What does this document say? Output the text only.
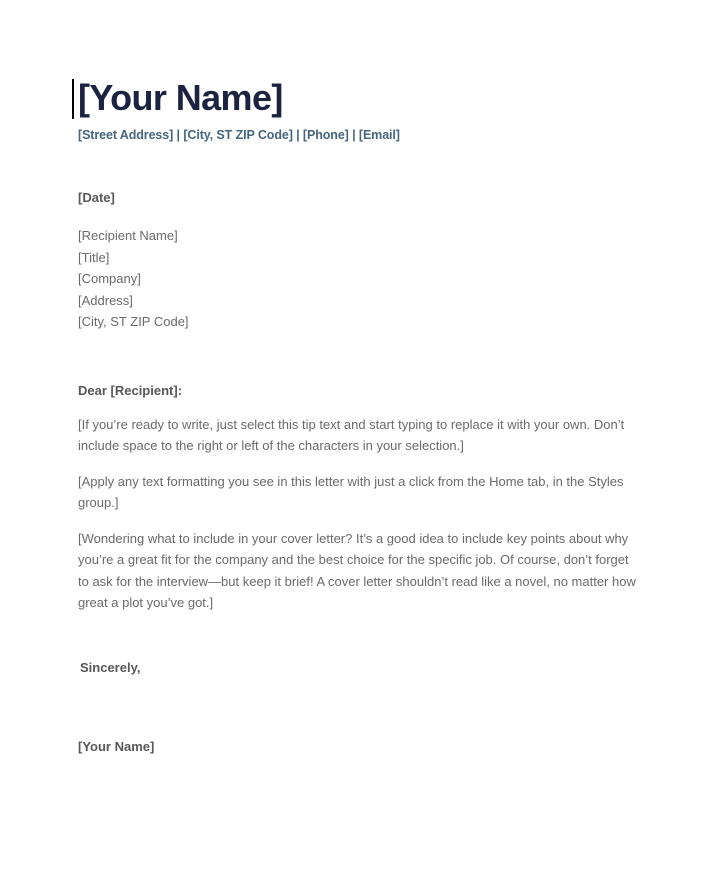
[Your Name]
[Street Address] | [City, ST ZIP Code] | [Phone] | [Email]
[Date]
[Recipient Name]
[Title]
[Company]
[Address]
[City, ST ZIP Code]
Dear [Recipient]:

[If you’re ready to write, just select this tip text and start typing to replace it with your own. Don’t include space to the right or left of the characters in your selection.]

[Apply any text formatting you see in this letter with just a click from the Home tab, in the Styles group.]

[Wondering what to include in your cover letter? It’s a good idea to include key points about why you’re a great fit for the company and the best choice for the specific job. Of course, don’t forget to ask for the interview—but keep it brief! A cover letter shouldn’t read like a novel, no matter how great a plot you’ve got.]

Sincerely,
[Your Name]
